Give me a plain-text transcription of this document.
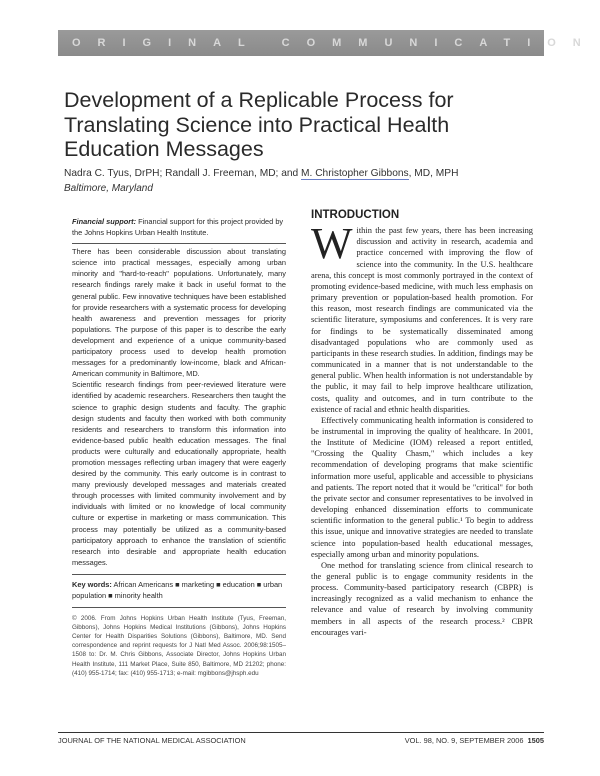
ORIGINAL COMMUNICATION
Development of a Replicable Process for Translating Science into Practical Health Education Messages
Nadra C. Tyus, DrPH; Randall J. Freeman, MD; and M. Christopher Gibbons, MD, MPH
Baltimore, Maryland
Financial support: Financial support for this project provided by the Johns Hopkins Urban Health Institute.

There has been considerable discussion about translating science into practical messages, especially among urban minority and "hard-to-reach" populations. Unfortunately, many research findings rarely make it back in useful format to the general public. Few innovative techniques have been established for provide researchers with a systematic process for developing health awareness and prevention messages for priority populations. The purpose of this paper is to describe the early development and experience of a unique community-based participatory process used to develop health promotion messages for a predominantly low-income, black and African-American community in Baltimore, MD.

Scientific research findings from peer-reviewed literature were identified by academic researchers. Researchers then taught the science to graphic design students and faculty. The graphic design students and faculty then worked with both community residents and researchers to transform this information into evidence-based public health education messages. The final products were culturally and educationally appropriate, health promotion messages reflecting urban imagery that were eagerly desired by the community. This early outcome is in contrast to many previously developed messages and materials created through processes with limited community involvement and by individuals with limited or no knowledge of local community culture or expertise in marketing or mass communication. This process may potentially be utilized as a community-based participatory approach to enhance the translation of scientific research into desirable and appropriate health education messages.

Key words: African Americans ■ marketing ■ education ■ urban population ■ minority health
© 2006. From Johns Hopkins Urban Health Institute (Tyus, Freeman, Gibbons), Johns Hopkins Medical Institutions (Gibbons), Johns Hopkins Center for Health Disparities Solutions (Gibbons), Baltimore, MD. Send correspondence and reprint requests for J Natl Med Assoc. 2006;98:1505–1508 to: Dr. M. Chris Gibbons, Associate Director, Johns Hopkins Urban Health Institute, 111 Market Place, Suite 850, Baltimore, MD 21202; phone: (410) 955-1714; fax: (410) 955-1713; e-mail: mgibbons@jhsph.edu
INTRODUCTION

Within the past few years, there has been increasing discussion and activity in research, academia and practice concerned with improving the flow of science into the community. In the U.S. healthcare arena, this concept is most commonly portrayed in the context of promoting evidence-based medicine, with much less emphasis on primary prevention or population-based health promotion. For this reason, most research findings are communicated via the scientific literature, symposiums and conferences. It is very rare for findings to be systematically disseminated among disadvantaged populations who are commonly used as participants in these research studies. In addition, findings may be communicated in a manner that is not understandable to the general public. When health information is not understandable by the public, it may fail to help improve healthcare utilization, costs, quality and outcomes, and in turn contribute to the existence of racial and ethnic health disparities.

Effectively communicating health information is considered to be instrumental in improving the quality of healthcare. In 2001, the Institute of Medicine (IOM) released a report entitled, "Crossing the Quality Chasm," which includes a key recommendation of developing programs that make scientific information more useful, applicable and accessible to physicians and patients. The report noted that it would be "critical" for both the private sector and consumer representatives to be involved in developing enhanced dissemination efforts to communicate scientific information to the general public.¹ To begin to address this issue, unique and innovative strategies are needed to translate science into population-based health educational messages, especially among urban and minority populations.

One method for translating science from clinical research to the general public is to engage community residents in the process. Community-based participatory research (CBPR) is increasingly recognized as a valid mechanism to enhance the relevance and value of research by involving community members in all aspects of the research process.² CBPR encourages vari-

JOURNAL OF THE NATIONAL MEDICAL ASSOCIATION	VOL. 98, NO. 9, SEPTEMBER 2006 1505
